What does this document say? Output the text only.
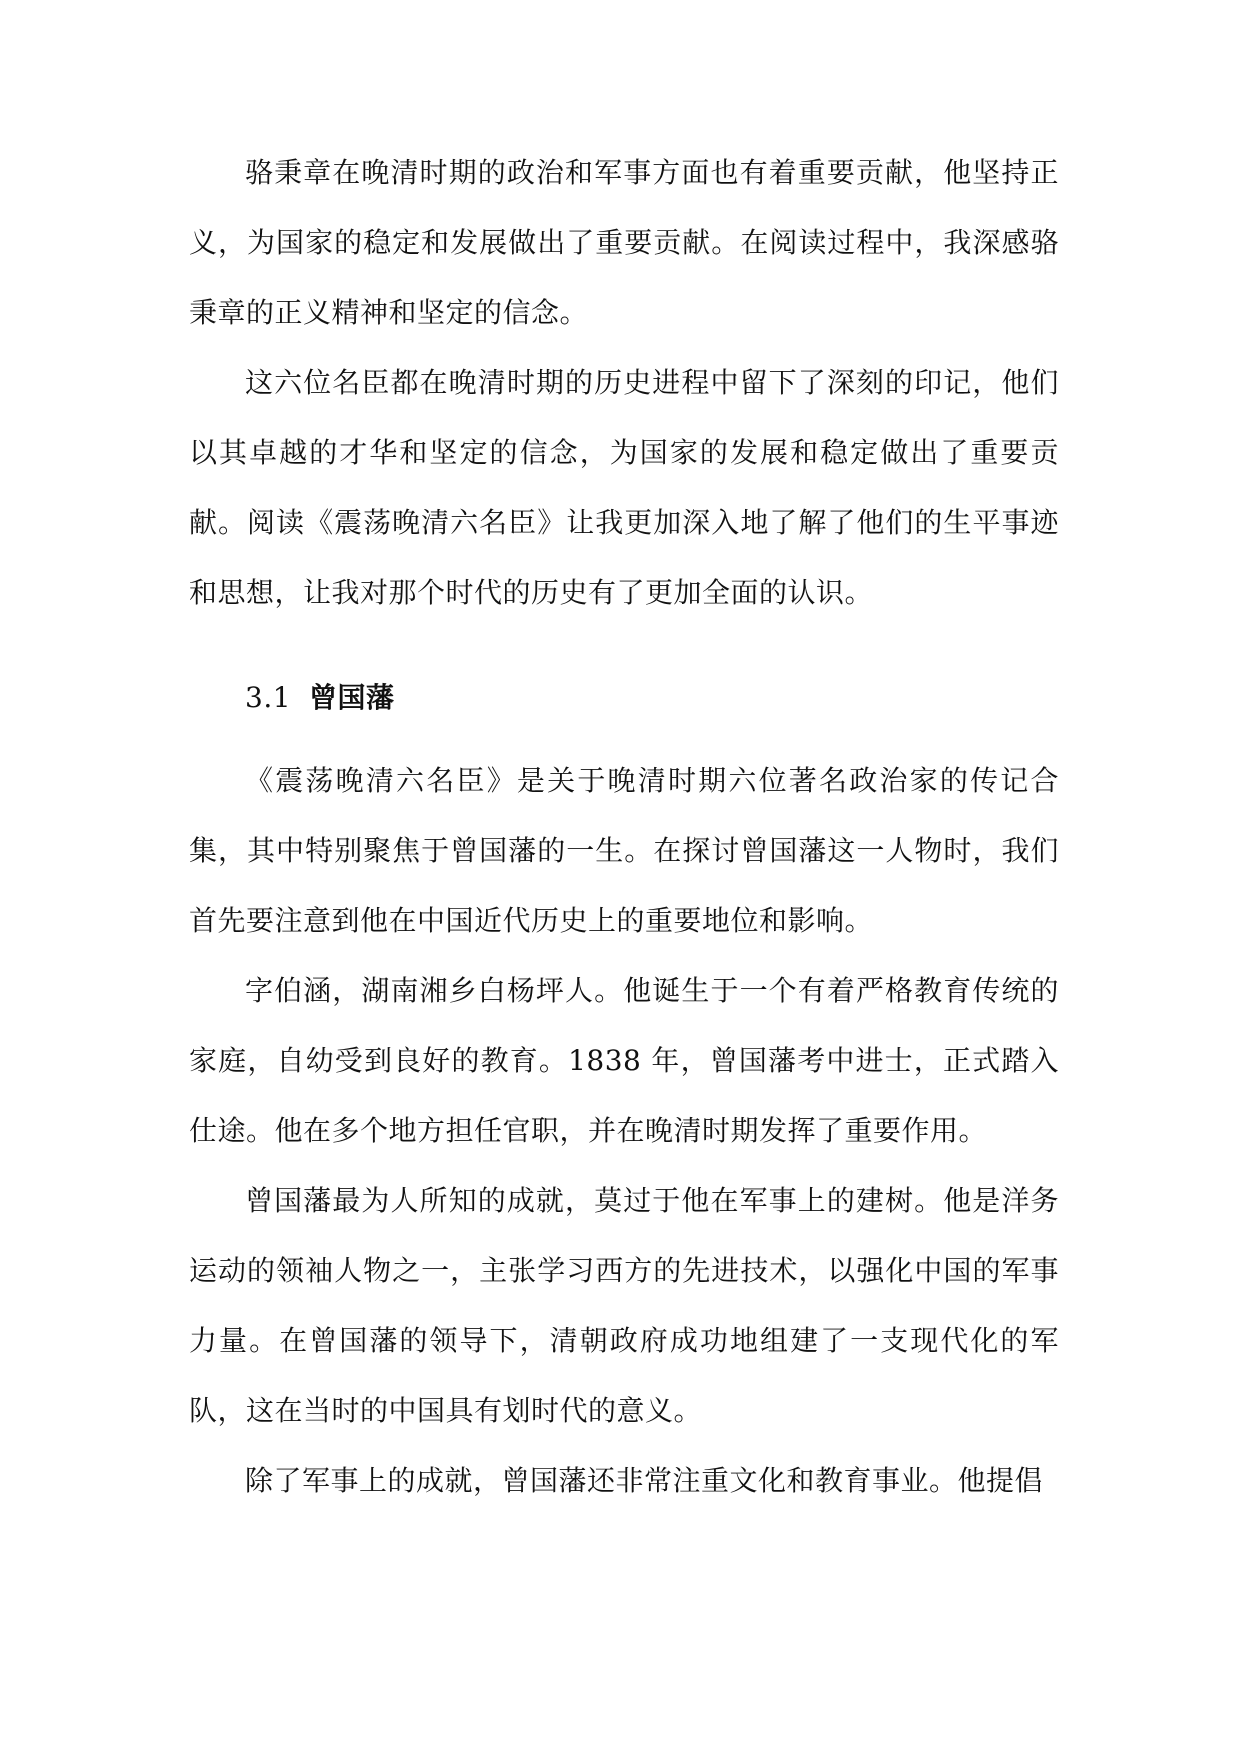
骆秉章在晚清时期的政治和军事方面也有着重要贡献，他坚持正义，为国家的稳定和发展做出了重要贡献。在阅读过程中，我深感骆秉章的正义精神和坚定的信念。

这六位名臣都在晚清时期的历史进程中留下了深刻的印记，他们以其卓越的才华和坚定的信念，为国家的发展和稳定做出了重要贡献。阅读《震荡晚清六名臣》让我更加深入地了解了他们的生平事迹和思想，让我对那个时代的历史有了更加全面的认识。

3.1 曾国藩

《震荡晚清六名臣》是关于晚清时期六位著名政治家的传记合集，其中特别聚焦于曾国藩的一生。在探讨曾国藩这一人物时，我们首先要注意到他在中国近代历史上的重要地位和影响。

字伯涵，湖南湘乡白杨坪人。他诞生于一个有着严格教育传统的家庭，自幼受到良好的教育。1838 年，曾国藩考中进士，正式踏入仕途。他在多个地方担任官职，并在晚清时期发挥了重要作用。

曾国藩最为人所知的成就，莫过于他在军事上的建树。他是洋务运动的领袖人物之一，主张学习西方的先进技术，以强化中国的军事力量。在曾国藩的领导下，清朝政府成功地组建了一支现代化的军队，这在当时的中国具有划时代的意义。

除了军事上的成就，曾国藩还非常注重文化和教育事业。他提倡
